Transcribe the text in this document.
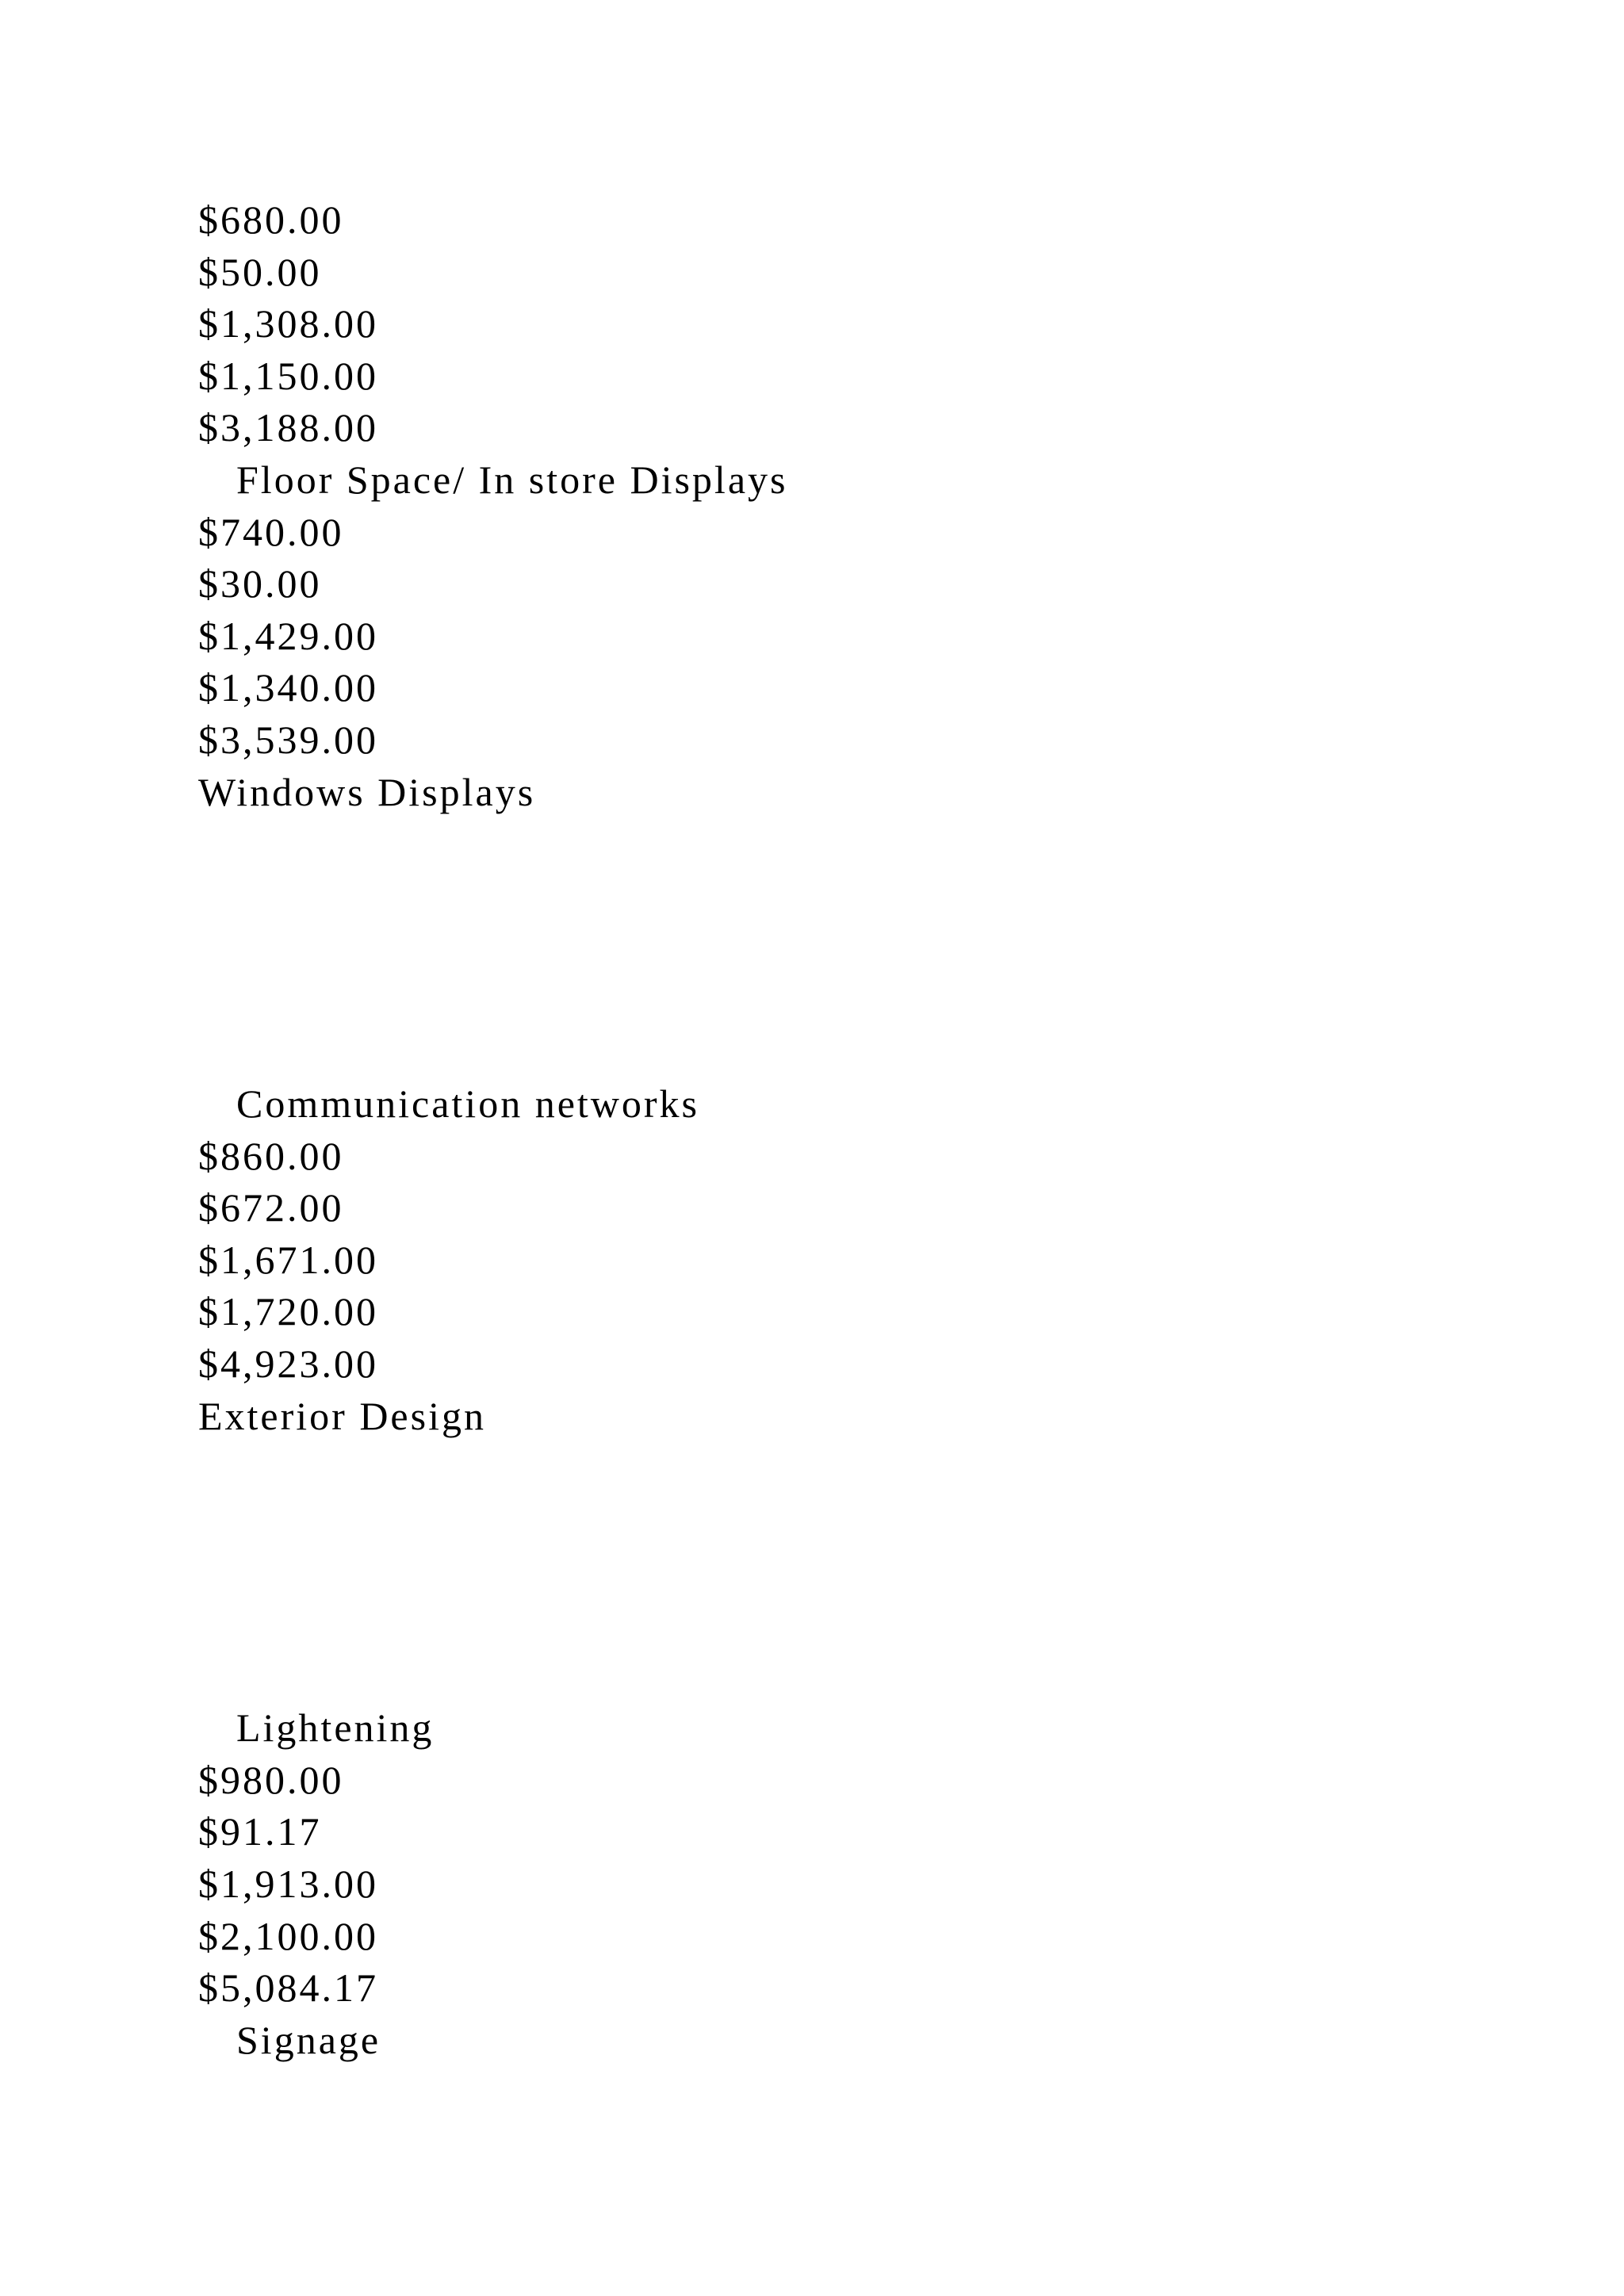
$680.00
$50.00
$1,308.00
$1,150.00
$3,188.00
Floor Space/ In store Displays
$740.00
$30.00
$1,429.00
$1,340.00
$3,539.00
Windows Displays
Communication networks
$860.00
$672.00
$1,671.00
$1,720.00
$4,923.00
Exterior Design
Lightening
$980.00
$91.17
$1,913.00
$2,100.00
$5,084.17
Signage
